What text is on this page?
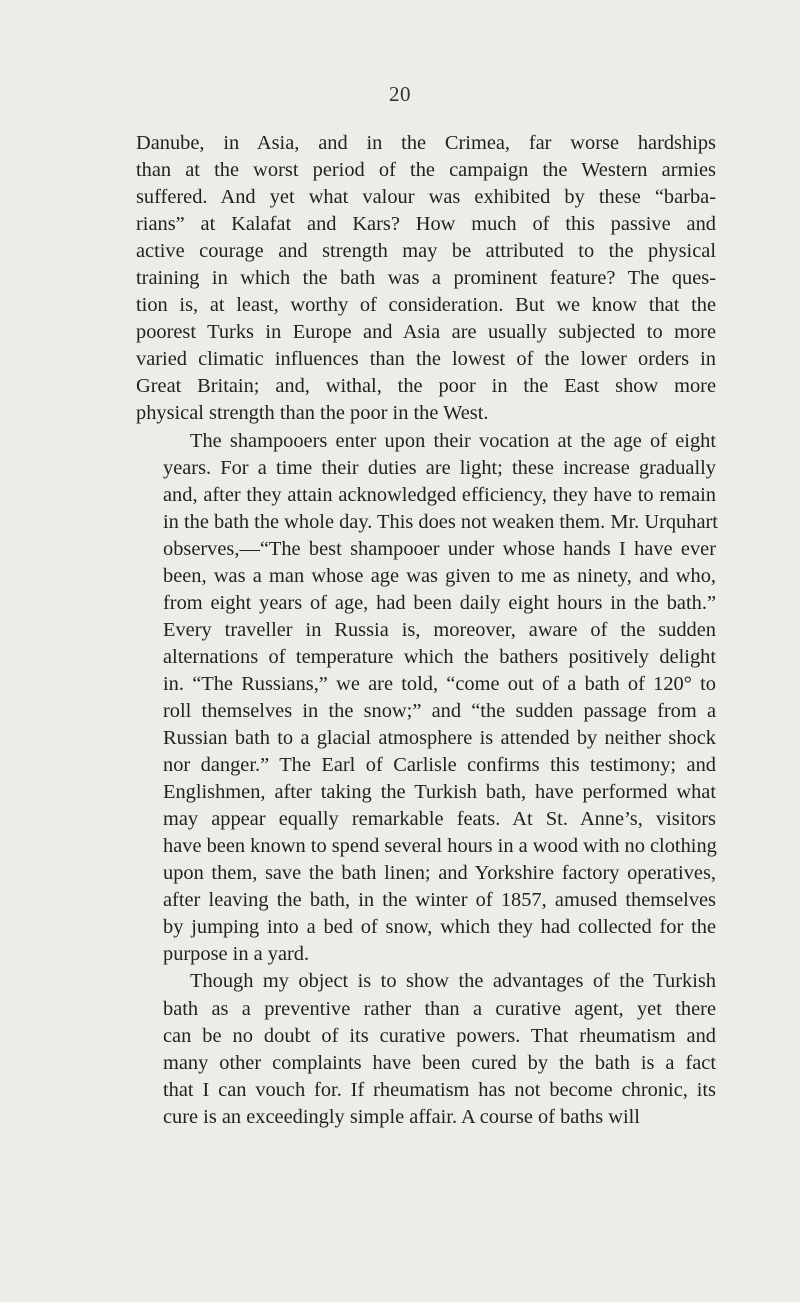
20
Danube, in Asia, and in the Crimea, far worse hardships
than at the worst period of the campaign the Western armies
suffered. And yet what valour was exhibited by these “barba-
rians” at Kalafat and Kars? How much of this passive and
active courage and strength may be attributed to the physical
training in which the bath was a prominent feature? The ques-
tion is, at least, worthy of consideration. But we know that the
poorest Turks in Europe and Asia are usually subjected to more
varied climatic influences than the lowest of the lower orders in
Great Britain; and, withal, the poor in the East show more
physical strength than the poor in the West.
The shampooers enter upon their vocation at the age of eight
years. For a time their duties are light; these increase gradually
and, after they attain acknowledged efficiency, they have to remain
in the bath the whole day. This does not weaken them. Mr. Urquhart
observes,—“The best shampooer under whose hands I have ever
been, was a man whose age was given to me as ninety, and who,
from eight years of age, had been daily eight hours in the bath.”
Every traveller in Russia is, moreover, aware of the sudden
alternations of temperature which the bathers positively delight
in. “The Russians,” we are told, “come out of a bath of 120° to
roll themselves in the snow;” and “the sudden passage from a
Russian bath to a glacial atmosphere is attended by neither shock
nor danger.” The Earl of Carlisle confirms this testimony; and
Englishmen, after taking the Turkish bath, have performed what
may appear equally remarkable feats. At St. Anne’s, visitors
have been known to spend several hours in a wood with no clothing
upon them, save the bath linen; and Yorkshire factory operatives,
after leaving the bath, in the winter of 1857, amused themselves
by jumping into a bed of snow, which they had collected for the
purpose in a yard.
Though my object is to show the advantages of the Turkish
bath as a preventive rather than a curative agent, yet there
can be no doubt of its curative powers. That rheumatism and
many other complaints have been cured by the bath is a fact
that I can vouch for. If rheumatism has not become chronic, its
cure is an exceedingly simple affair. A course of baths will
